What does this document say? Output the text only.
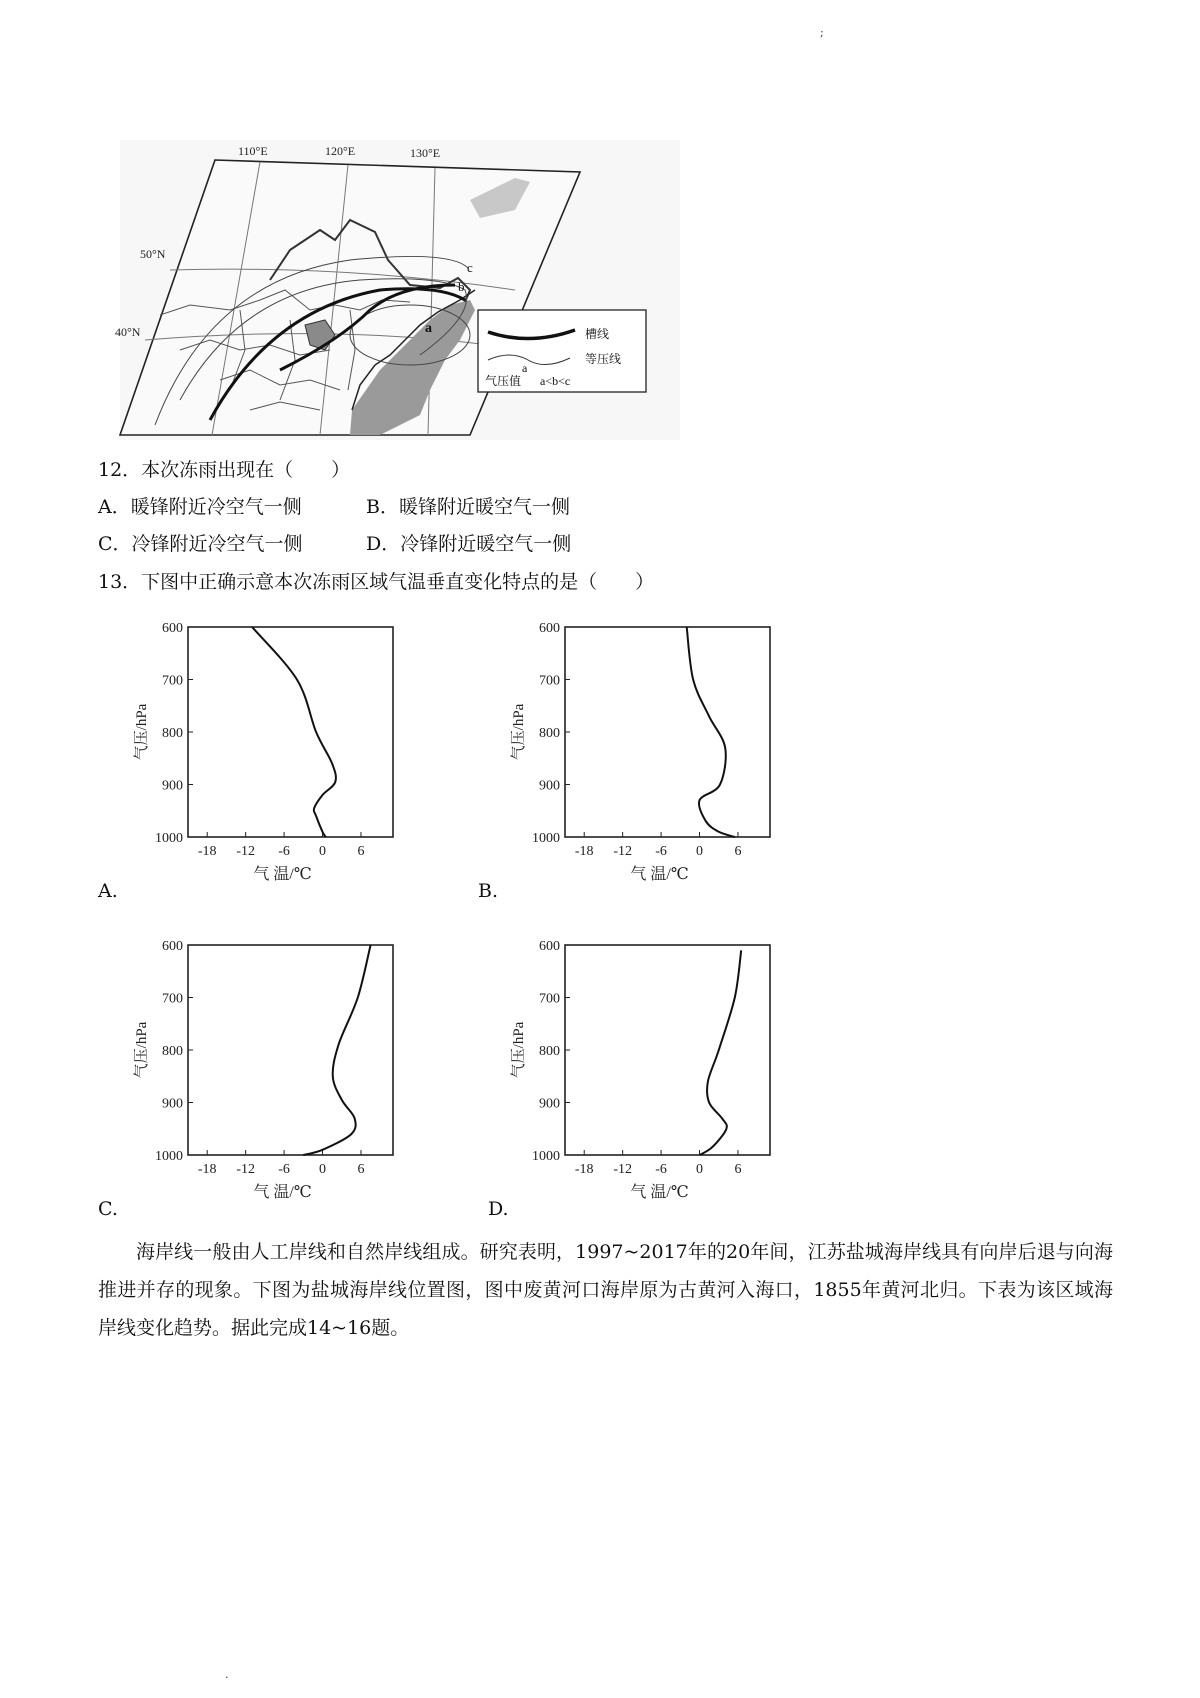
;
110°E	120°E	130°E
50°N
40°N	a
b
c
槽线
a
等压线
气压值 a<b<c
12．本次冻雨出现在（　　）
A．暖锋附近冷空气一侧	B．暖锋附近暖空气一侧
C．冷锋附近冷空气一侧	D．冷锋附近暖空气一侧
13．下图中正确示意本次冻雨区域气温垂直变化特点的是（　　）
600
700
800
900
1000
-18 -12 -6 0 6
气 温/℃
气压/hPa
600
700
800
900
1000
-18 -12 -6 0 6
气 温/℃
气压/hPa
600
700
800
900
1000
-18 -12 -6 0 6
气 温/℃
气压/hPa
600
700
800
900
1000
-18 -12 -6 0 6
气 温/℃
气压/hPa
A.	B.
C.	D.
海岸线一般由人工岸线和自然岸线组成。研究表明，1997~2017年的20年间，江苏盐城海岸线具有向岸后退与向海推进并存的现象。下图为盐城海岸线位置图，图中废黄河口海岸原为古黄河入海口，1855年黄河北归。下表为该区域海岸线变化趋势。据此完成14~16题。
.
